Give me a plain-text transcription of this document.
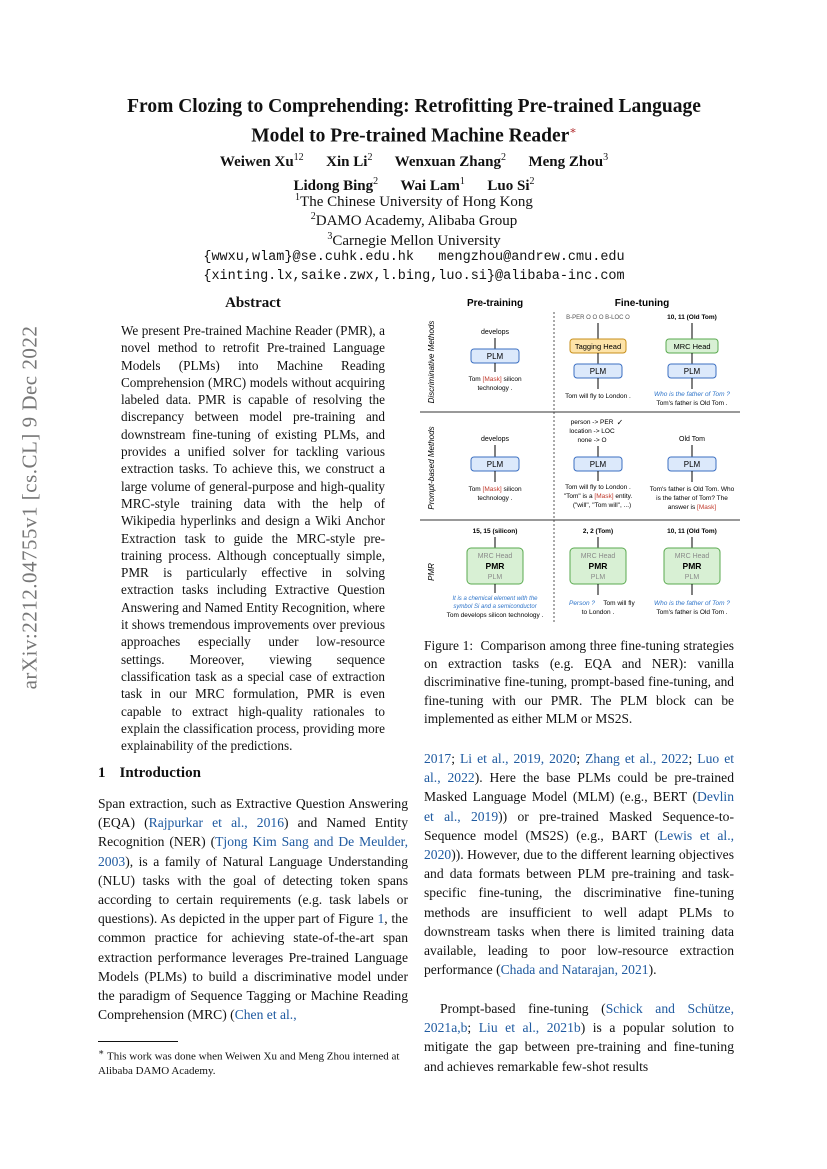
arXiv:2212.04755v1 [cs.CL] 9 Dec 2022
From Clozing to Comprehending: Retrofitting Pre-trained Language
Model to Pre-trained Machine Reader∗
Weiwen Xu$^{12}$ Xin Li$^2$ Wenxuan Zhang$^2$ Meng Zhou$^3$
Lidong Bing$^2$ Wai Lam$^1$ Luo Si$^2$
$^1$The Chinese University of Hong Kong
$^2$DAMO Academy, Alibaba Group
$^3$Carnegie Mellon University
{wwxu,wlam}@se.cuhk.edu.hk   mengzhou@andrew.cmu.edu
{xinting.lx,saike.zwx,l.bing,luo.si}@alibaba-inc.com
Abstract
We present Pre-trained Machine Reader (PMR), a novel method to retrofit Pre-trained Language Models (PLMs) into Machine Reading Comprehension (MRC) models without acquiring labeled data. PMR is capable of resolving the discrepancy between model pre-training and downstream fine-tuning of existing PLMs, and provides a unified solver for tackling various extraction tasks. To achieve this, we construct a large volume of general-purpose and high-quality MRC-style training data with the help of Wikipedia hyperlinks and design a Wiki Anchor Extraction task to guide the MRC-style pre-training process. Although conceptually simple, PMR is particularly effective in solving extraction tasks including Extractive Question Answering and Named Entity Recognition, where it shows tremendous improvements over previous approaches especially under low-resource settings. Moreover, viewing sequence classification task as a special case of extraction task in our MRC formulation, PMR is even capable to extract high-quality rationales to explain the classification process, providing more explainability of the predictions.
1 Introduction
Span extraction, such as Extractive Question Answering (EQA) (Rajpurkar et al., 2016) and Named Entity Recognition (NER) (Tjong Kim Sang and De Meulder, 2003), is a family of Natural Language Understanding (NLU) tasks with the goal of detecting token spans according to certain requirements (e.g. task labels or questions). As depicted in the upper part of Figure 1, the common practice for achieving state-of-the-art span extraction performance leverages Pre-trained Language Models (PLMs) to build a discriminative model under the paradigm of Sequence Tagging or Machine Reading Comprehension (MRC) (Chen et al.,
∗ This work was done when Weiwen Xu and Meng Zhou interned at Alibaba DAMO Academy.
Pre-training	Fine-tuning
Discriminative Methods
Prompt-based Methods
PMR
develops
PLM
Tom [Mask] silicon
technology .
B-PER O O O B-LOC O
Tagging Head
PLM
Tom will fly to London .
10, 11 (Old Tom)
MRC Head
PLM
Who is the father of Tom ?
Tom's father is Old Tom .
develops
PLM
Tom [Mask] silicon
technology .
person -> PER
location -> LOC
none -> O
✓
PLM
Tom will fly to London .
"Tom" is a [Mask] entity.
("will", "Tom will", ...)
Old Tom
PLM
Tom's father is Old Tom. Who
is the father of Tom? The
answer is [Mask]
15, 15 (silicon)
MRC Head
PMR
PLM
It is a chemical element with the
symbol Si and a semiconductor
Tom develops silicon technology .
2, 2 (Tom)
MRC Head
PMR
PLM
Person ? Tom will fly
to London .
10, 11 (Old Tom)
MRC Head
PMR
PLM
Who is the father of Tom ?
Tom's father is Old Tom .
Figure 1: Comparison among three fine-tuning strategies on extraction tasks (e.g. EQA and NER): vanilla discriminative fine-tuning, prompt-based fine-tuning, and fine-tuning with our PMR. The PLM block can be implemented as either MLM or MS2S.
2017; Li et al., 2019, 2020; Zhang et al., 2022; Luo et al., 2022). Here the base PLMs could be pre-trained Masked Language Model (MLM) (e.g., BERT (Devlin et al., 2019)) or pre-trained Masked Sequence-to-Sequence model (MS2S) (e.g., BART (Lewis et al., 2020)). However, due to the different learning objectives and data formats between PLM pre-training and task-specific fine-tuning, the discriminative fine-tuning methods are insufficient to well adapt PLMs to downstream tasks when there is limited training data available, leading to poor low-resource extraction performance (Chada and Natarajan, 2021).
Prompt-based fine-tuning (Schick and Schütze, 2021a,b; Liu et al., 2021b) is a popular solution to mitigate the gap between pre-training and fine-tuning and achieves remarkable few-shot results
